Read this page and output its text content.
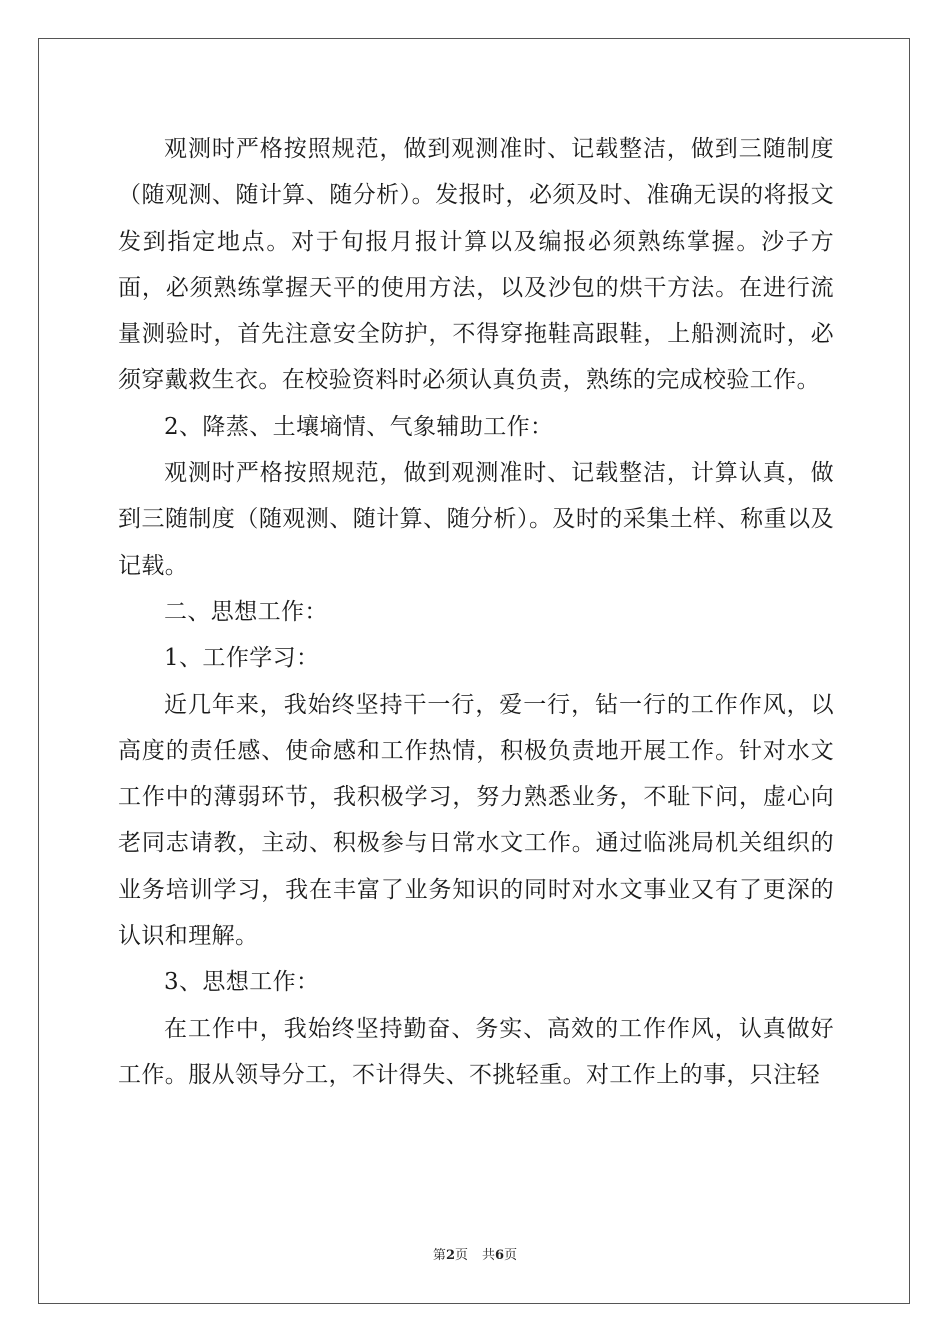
观测时严格按照规范，做到观测准时、记载整洁，做到三随制度（随观测、随计算、随分析）。发报时，必须及时、准确无误的将报文发到指定地点。对于旬报月报计算以及编报必须熟练掌握。沙子方面，必须熟练掌握天平的使用方法，以及沙包的烘干方法。在进行流量测验时，首先注意安全防护，不得穿拖鞋高跟鞋，上船测流时，必须穿戴救生衣。在校验资料时必须认真负责，熟练的完成校验工作。

2、降蒸、土壤墒情、气象辅助工作：

观测时严格按照规范，做到观测准时、记载整洁，计算认真，做到三随制度（随观测、随计算、随分析）。及时的采集土样、称重以及记载。

二、思想工作：

1、工作学习：

近几年来，我始终坚持干一行，爱一行，钻一行的工作作风，以高度的责任感、使命感和工作热情，积极负责地开展工作。针对水文工作中的薄弱环节，我积极学习，努力熟悉业务，不耻下问，虚心向老同志请教，主动、积极参与日常水文工作。通过临洮局机关组织的业务培训学习，我在丰富了业务知识的同时对水文事业又有了更深的认识和理解。

3、思想工作：

在工作中，我始终坚持勤奋、务实、高效的工作作风，认真做好工作。服从领导分工，不计得失、不挑轻重。对工作上的事，只注轻

第2页 共6页
